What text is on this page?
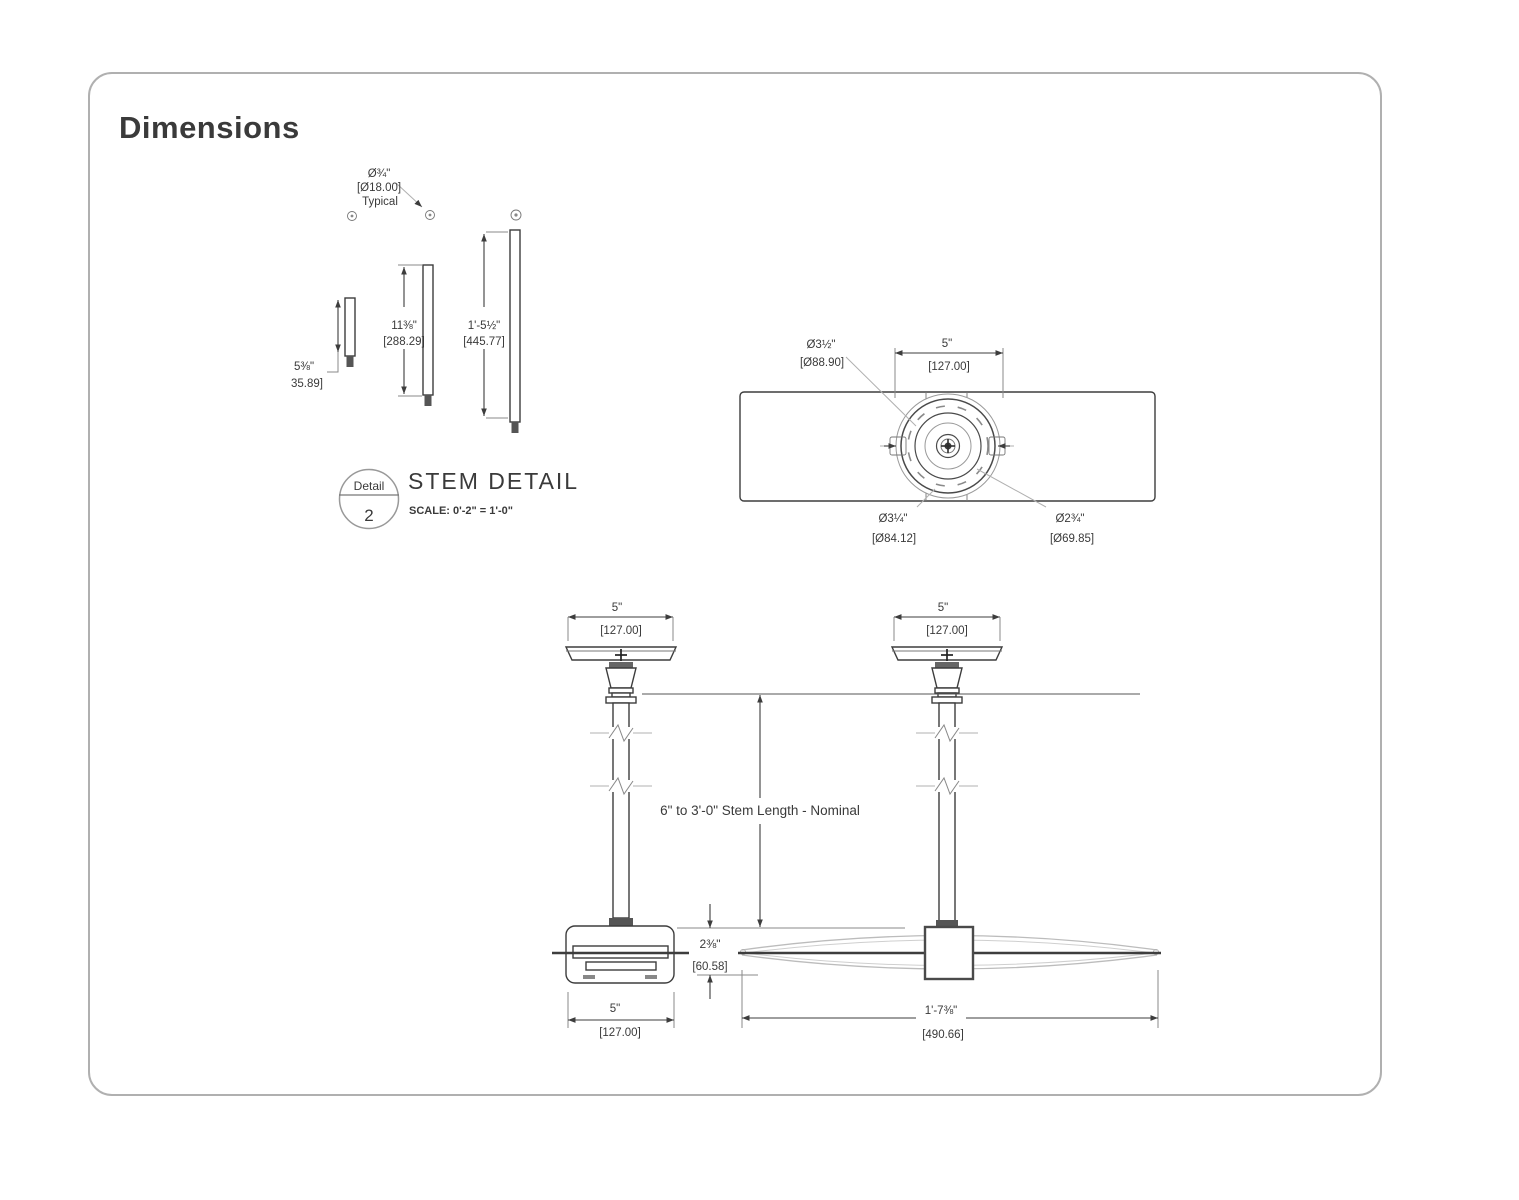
Dimensions
Ø¾"
[Ø18.00]
Typical
5⅜"
35.89]
11⅜"
[288.29]
1'-5½"
[445.77]
Detail
2
STEM DETAIL
SCALE: 0'-2" = 1'-0"
5"
[127.00]
Ø3½"
[Ø88.90]
Ø3¼"
[Ø84.12]
Ø2¾"
[Ø69.85]
5"
[127.00]
5"
[127.00]
5"
[127.00]
6" to 3'-0" Stem Length - Nominal
2⅜"
[60.58]
1'-7⅜"
[490.66]
